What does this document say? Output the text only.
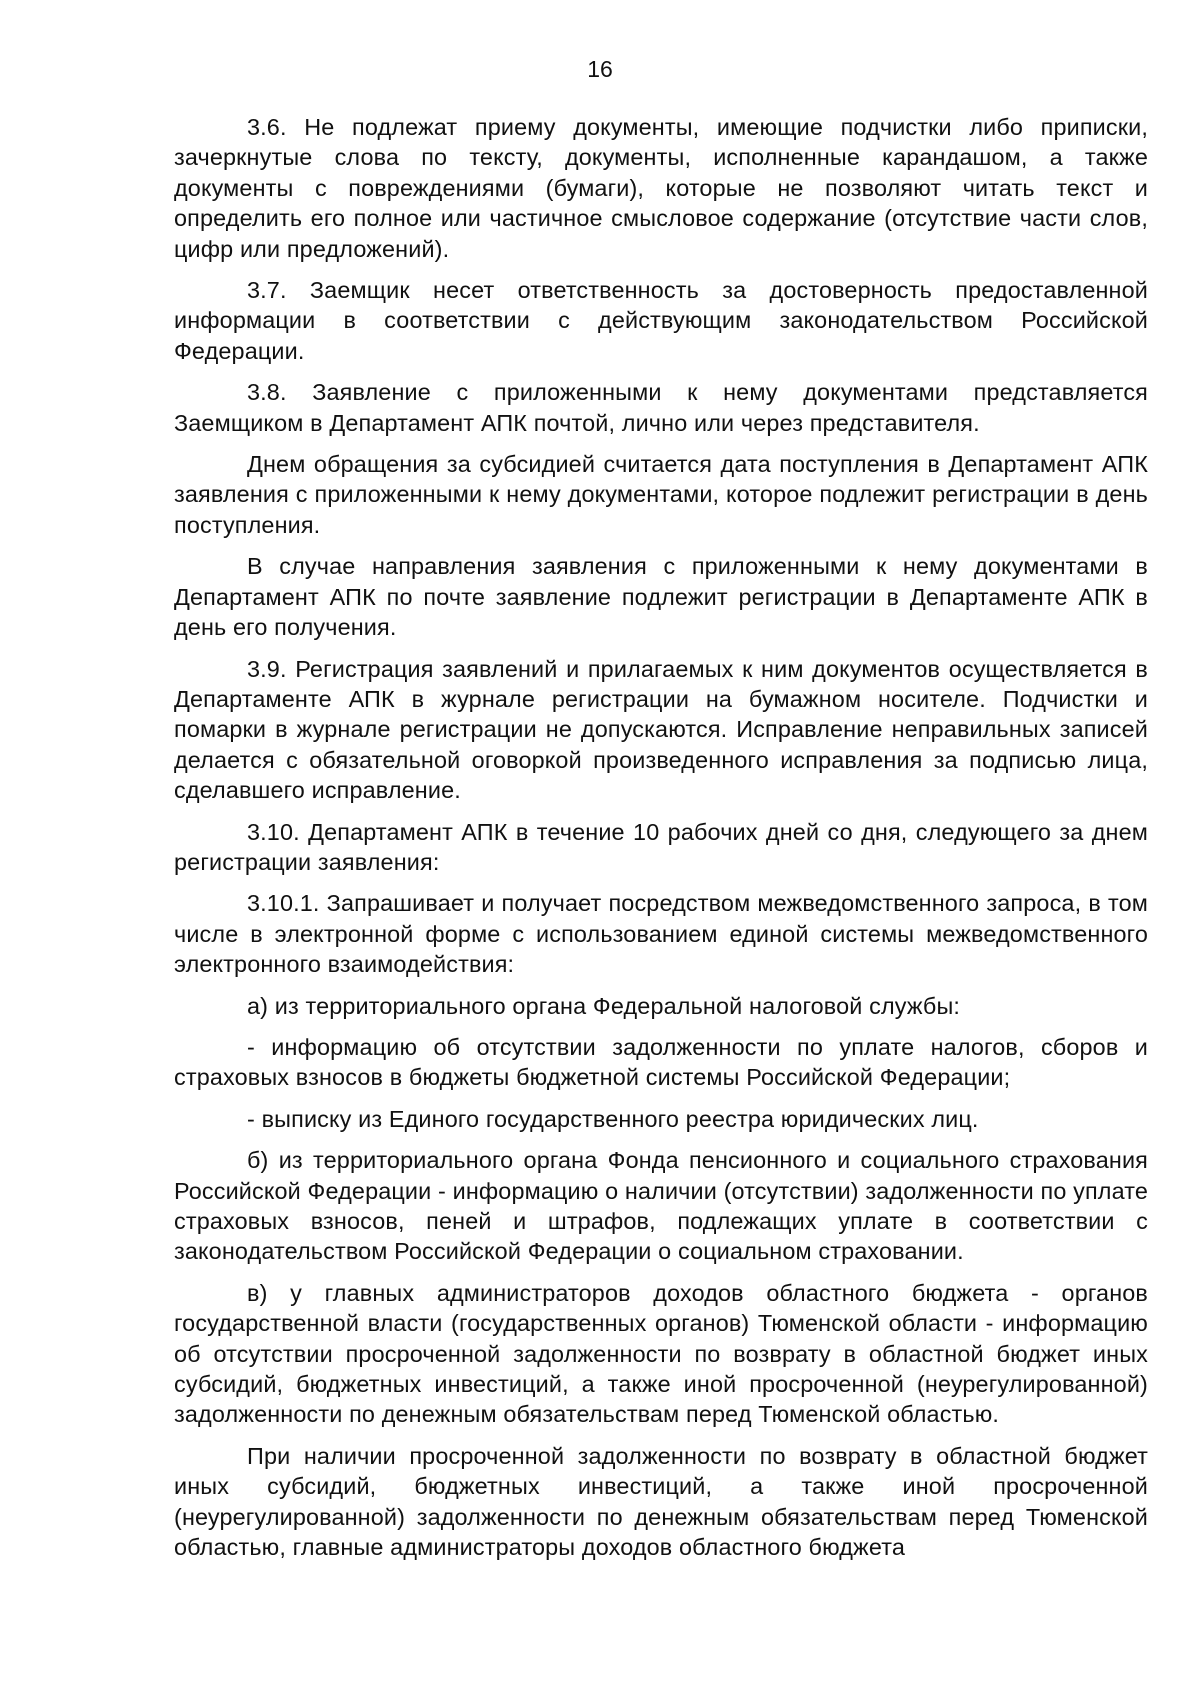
16

3.6. Не подлежат приему документы, имеющие подчистки либо приписки, зачеркнутые слова по тексту, документы, исполненные карандашом, а также документы с повреждениями (бумаги), которые не позволяют читать текст и определить его полное или частичное смысловое содержание (отсутствие части слов, цифр или предложений).

3.7. Заемщик несет ответственность за достоверность предоставленной информации в соответствии с действующим законодательством Российской Федерации.

3.8. Заявление с приложенными к нему документами представляется Заемщиком в Департамент АПК почтой, лично или через представителя.

Днем обращения за субсидией считается дата поступления в Департамент АПК заявления с приложенными к нему документами, которое подлежит регистрации в день поступления.

В случае направления заявления с приложенными к нему документами в Департамент АПК по почте заявление подлежит регистрации в Департаменте АПК в день его получения.

3.9. Регистрация заявлений и прилагаемых к ним документов осуществляется в Департаменте АПК в журнале регистрации на бумажном носителе. Подчистки и помарки в журнале регистрации не допускаются. Исправление неправильных записей делается с обязательной оговоркой произведенного исправления за подписью лица, сделавшего исправление.

3.10. Департамент АПК в течение 10 рабочих дней со дня, следующего за днем регистрации заявления:

3.10.1. Запрашивает и получает посредством межведомственного запроса, в том числе в электронной форме с использованием единой системы межведомственного электронного взаимодействия:

а) из территориального органа Федеральной налоговой службы:

- информацию об отсутствии задолженности по уплате налогов, сборов и страховых взносов в бюджеты бюджетной системы Российской Федерации;

- выписку из Единого государственного реестра юридических лиц.

б) из территориального органа Фонда пенсионного и социального страхования Российской Федерации - информацию о наличии (отсутствии) задолженности по уплате страховых взносов, пеней и штрафов, подлежащих уплате в соответствии с законодательством Российской Федерации о социальном страховании.

в) у главных администраторов доходов областного бюджета - органов государственной власти (государственных органов) Тюменской области - информацию об отсутствии просроченной задолженности по возврату в областной бюджет иных субсидий, бюджетных инвестиций, а также иной просроченной (неурегулированной) задолженности по денежным обязательствам перед Тюменской областью.

При наличии просроченной задолженности по возврату в областной бюджет иных субсидий, бюджетных инвестиций, а также иной просроченной (неурегулированной) задолженности по денежным обязательствам перед Тюменской областью, главные администраторы доходов областного бюджета
